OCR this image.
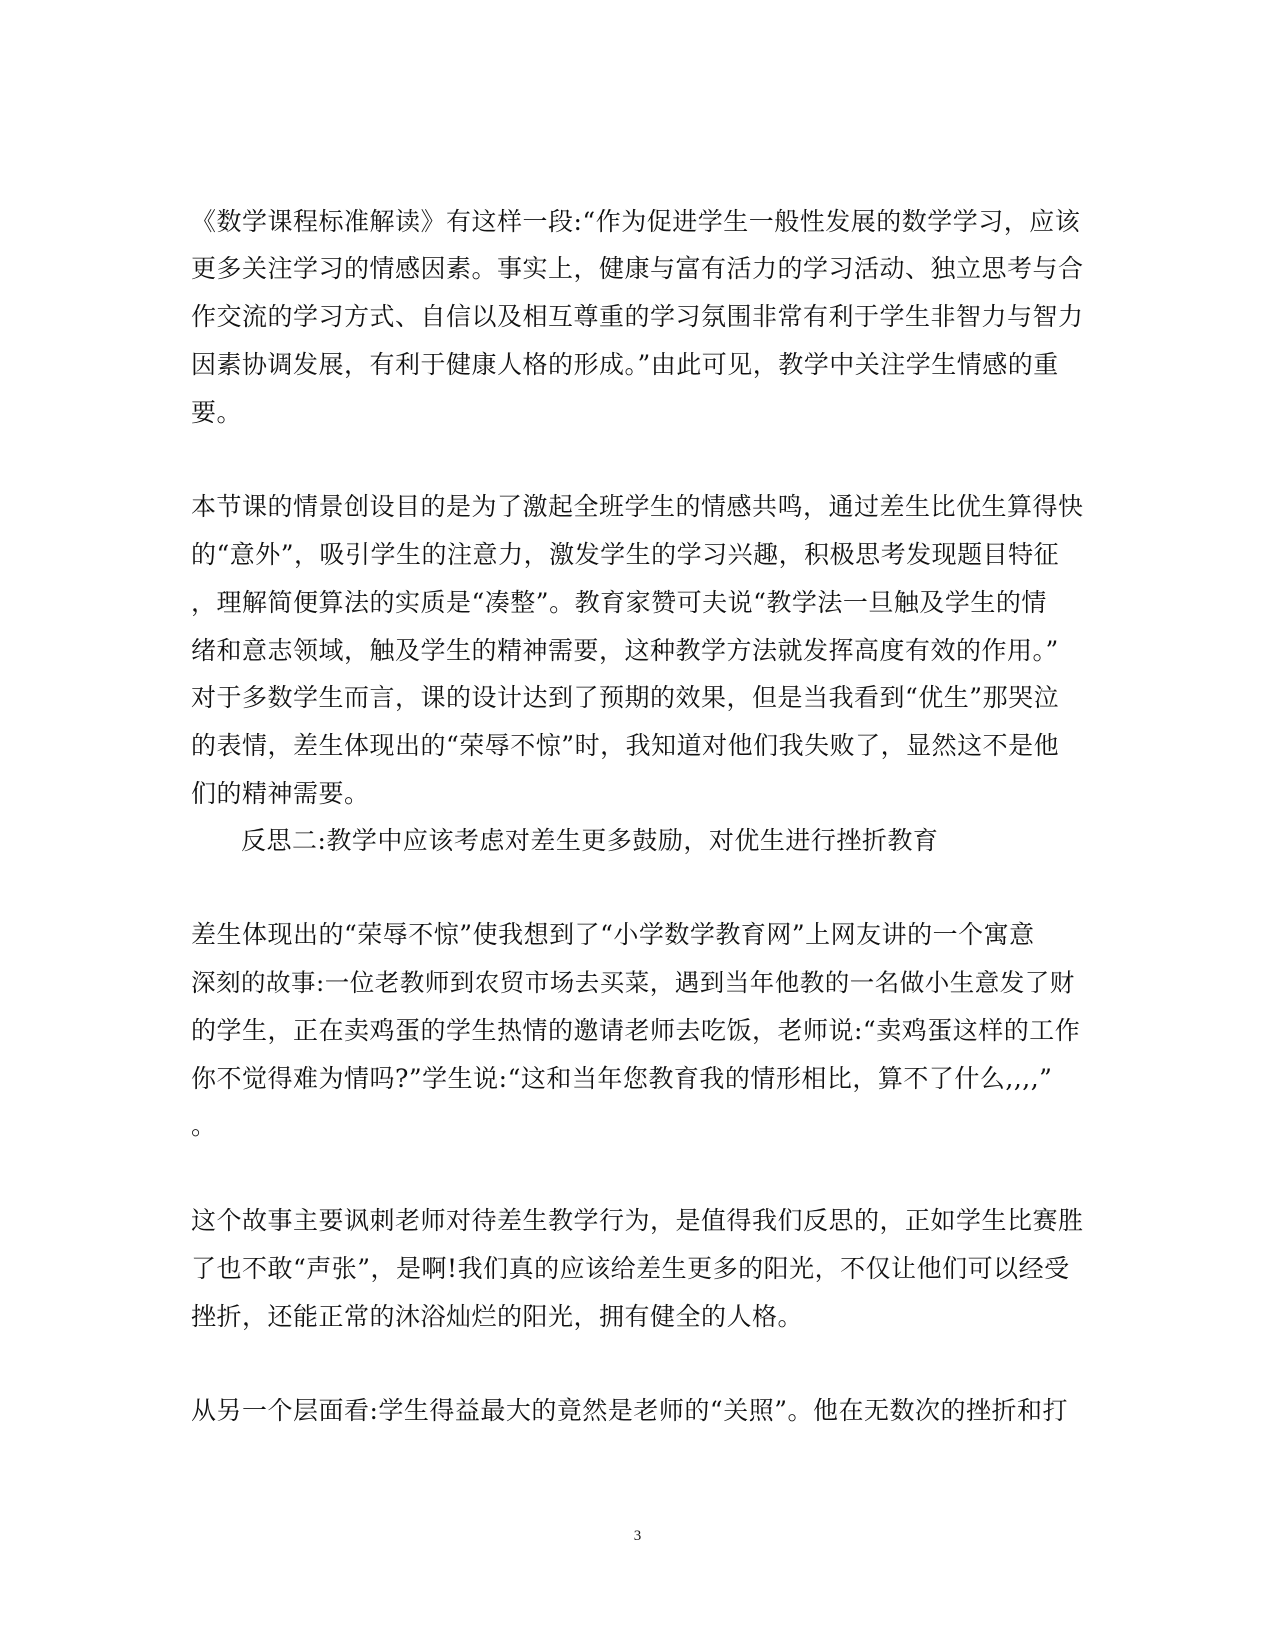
《数学课程标准解读》有这样一段:“作为促进学生一般性发展的数学学习，应该
更多关注学习的情感因素。事实上，健康与富有活力的学习活动、独立思考与合
作交流的学习方式、自信以及相互尊重的学习氛围非常有利于学生非智力与智力
因素协调发展，有利于健康人格的形成。”由此可见，教学中关注学生情感的重
要。
本节课的情景创设目的是为了激起全班学生的情感共鸣，通过差生比优生算得快
的“意外”，吸引学生的注意力，激发学生的学习兴趣，积极思考发现题目特征
，理解简便算法的实质是“凑整”。教育家赞可夫说“教学法一旦触及学生的情
绪和意志领域，触及学生的精神需要，这种教学方法就发挥高度有效的作用。”
对于多数学生而言，课的设计达到了预期的效果，但是当我看到“优生”那哭泣
的表情，差生体现出的“荣辱不惊”时，我知道对他们我失败了，显然这不是他
们的精神需要。
反思二:教学中应该考虑对差生更多鼓励，对优生进行挫折教育
差生体现出的“荣辱不惊”使我想到了“小学数学教育网”上网友讲的一个寓意
深刻的故事:一位老教师到农贸市场去买菜，遇到当年他教的一名做小生意发了财
的学生，正在卖鸡蛋的学生热情的邀请老师去吃饭，老师说:“卖鸡蛋这样的工作
你不觉得难为情吗?”学生说:“这和当年您教育我的情形相比，算不了什么,,,,”
。
这个故事主要讽刺老师对待差生教学行为，是值得我们反思的，正如学生比赛胜
了也不敢“声张”，是啊!我们真的应该给差生更多的阳光，不仅让他们可以经受
挫折，还能正常的沐浴灿烂的阳光，拥有健全的人格。
从另一个层面看:学生得益最大的竟然是老师的“关照”。他在无数次的挫折和打
3
